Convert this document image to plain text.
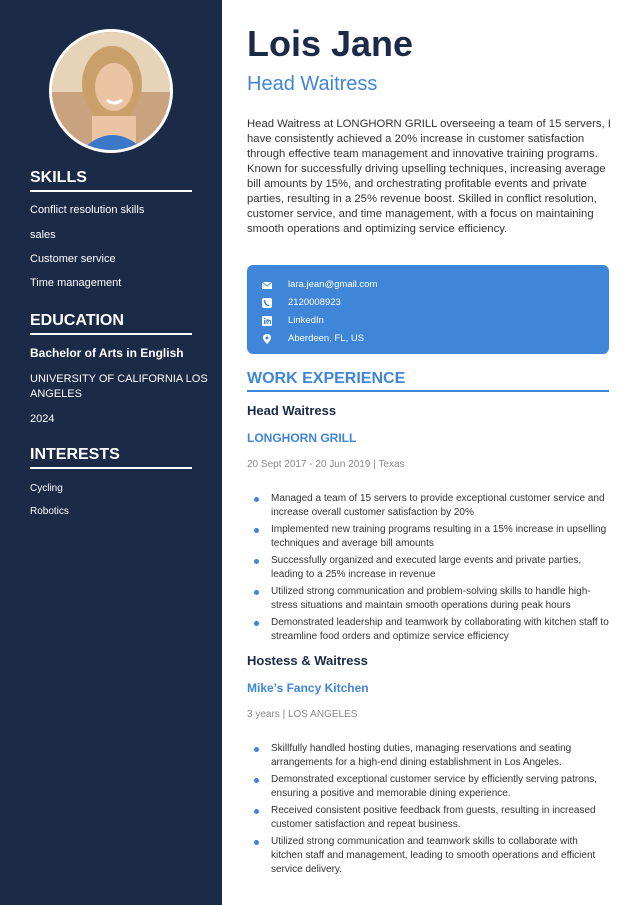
SKILLS
Conflict resolution skills
sales
Customer service
Time management
EDUCATION
Bachelor of Arts in English
UNIVERSITY OF CALIFORNIA LOS ANGELES
2024
INTERESTS
Cycling
Robotics
Lois Jane
Head Waitress
Head Waitress at LONGHORN GRILL overseeing a team of 15 servers, I have consistently achieved a 20% increase in customer satisfaction through effective team management and innovative training programs. Known for successfully driving upselling techniques, increasing average bill amounts by 15%, and orchestrating profitable events and private parties, resulting in a 25% revenue boost. Skilled in conflict resolution, customer service, and time management, with a focus on maintaining smooth operations and optimizing service efficiency.
lara.jean@gmail.com
2120008923
LinkedIn
Aberdeen, FL, US
WORK EXPERIENCE
Head Waitress
LONGHORN GRILL
20 Sept 2017 - 20 Jun 2019 | Texas
Managed a team of 15 servers to provide exceptional customer service and increase overall customer satisfaction by 20%
Implemented new training programs resulting in a 15% increase in upselling techniques and average bill amounts
Successfully organized and executed large events and private parties, leading to a 25% increase in revenue
Utilized strong communication and problem-solving skills to handle high-stress situations and maintain smooth operations during peak hours
Demonstrated leadership and teamwork by collaborating with kitchen staff to streamline food orders and optimize service efficiency
Hostess & Waitress
Mike’s Fancy Kitchen
3 years | LOS ANGELES
Skillfully handled hosting duties, managing reservations and seating arrangements for a high-end dining establishment in Los Angeles.
Demonstrated exceptional customer service by efficiently serving patrons, ensuring a positive and memorable dining experience.
Received consistent positive feedback from guests, resulting in increased customer satisfaction and repeat business.
Utilized strong communication and teamwork skills to collaborate with kitchen staff and management, leading to smooth operations and efficient service delivery.
